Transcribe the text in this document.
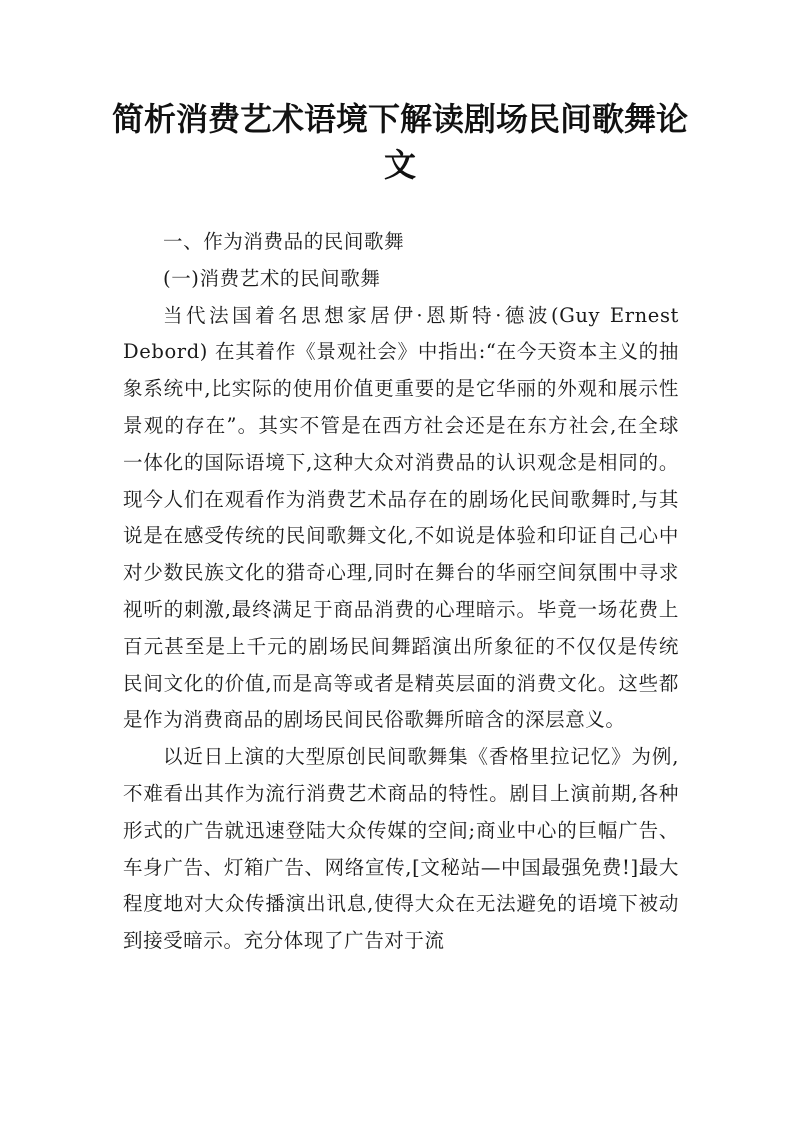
简析消费艺术语境下解读剧场民间歌舞论文

一、作为消费品的民间歌舞

(一)消费艺术的民间歌舞

当代法国着名思想家居伊·恩斯特·德波(Guy Ernest Debord) 在其着作《景观社会》中指出:“在今天资本主义的抽象系统中,比实际的使用价值更重要的是它华丽的外观和展示性景观的存在”。其实不管是在西方社会还是在东方社会,在全球一体化的国际语境下,这种大众对消费品的认识观念是相同的。现今人们在观看作为消费艺术品存在的剧场化民间歌舞时,与其说是在感受传统的民间歌舞文化,不如说是体验和印证自己心中对少数民族文化的猎奇心理,同时在舞台的华丽空间氛围中寻求视听的刺激,最终满足于商品消费的心理暗示。毕竟一场花费上百元甚至是上千元的剧场民间舞蹈演出所象征的不仅仅是传统民间文化的价值,而是高等或者是精英层面的消费文化。这些都是作为消费商品的剧场民间民俗歌舞所暗含的深层意义。

以近日上演的大型原创民间歌舞集《香格里拉记忆》为例,不难看出其作为流行消费艺术商品的特性。剧目上演前期,各种形式的广告就迅速登陆大众传媒的空间;商业中心的巨幅广告、车身广告、灯箱广告、网络宣传,[文秘站—中国最强免费!]最大程度地对大众传播演出讯息,使得大众在无法避免的语境下被动到接受暗示。充分体现了广告对于流
